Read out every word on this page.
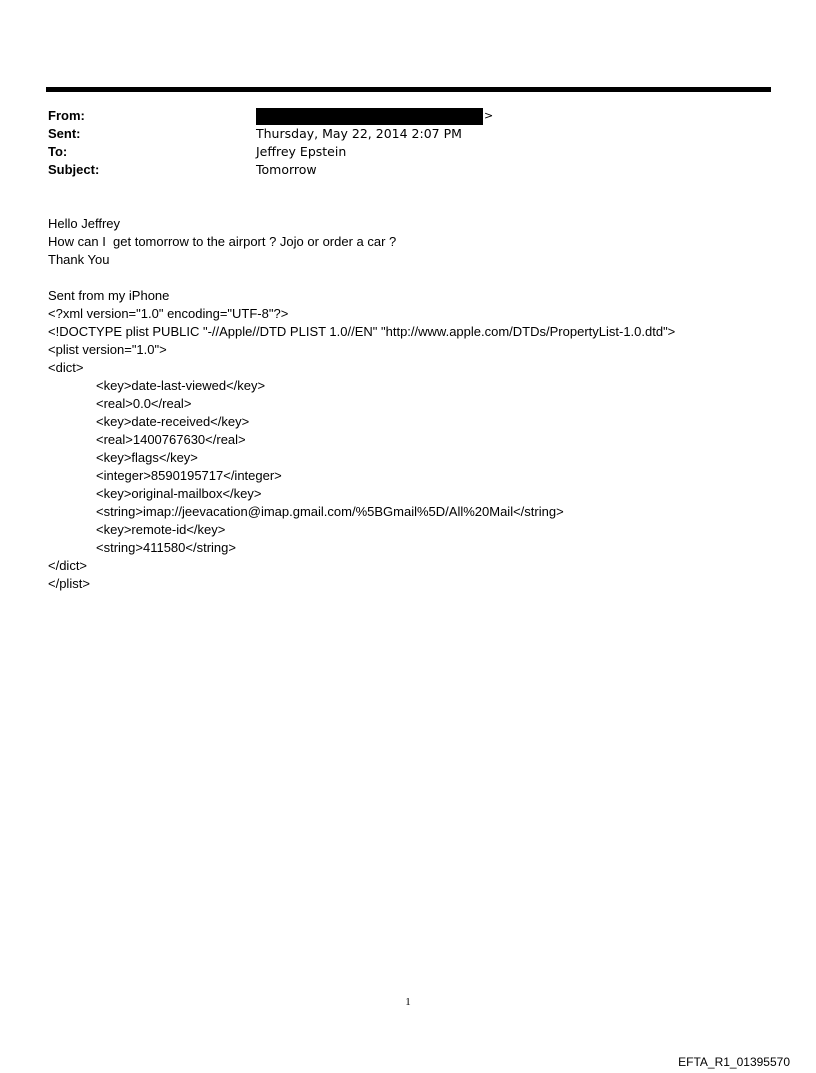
From:	>
Sent:	Thursday, May 22, 2014 2:07 PM
To:	Jeffrey Epstein
Subject:	Tomorrow
Hello Jeffrey
How can I  get tomorrow to the airport ? Jojo or order a car ?
Thank You
Sent from my iPhone
<?xml version="1.0" encoding="UTF-8"?>
<!DOCTYPE plist PUBLIC "-//Apple//DTD PLIST 1.0//EN" "http://www.apple.com/DTDs/PropertyList-1.0.dtd">
<plist version="1.0">
<dict>
<key>date-last-viewed</key>
<real>0.0</real>
<key>date-received</key>
<real>1400767630</real>
<key>flags</key>
<integer>8590195717</integer>
<key>original-mailbox</key>
<string>imap://jeevacation@imap.gmail.com/%5BGmail%5D/All%20Mail</string>
<key>remote-id</key>
<string>411580</string>
</dict>
</plist>
1
EFTA_R1_01395570
